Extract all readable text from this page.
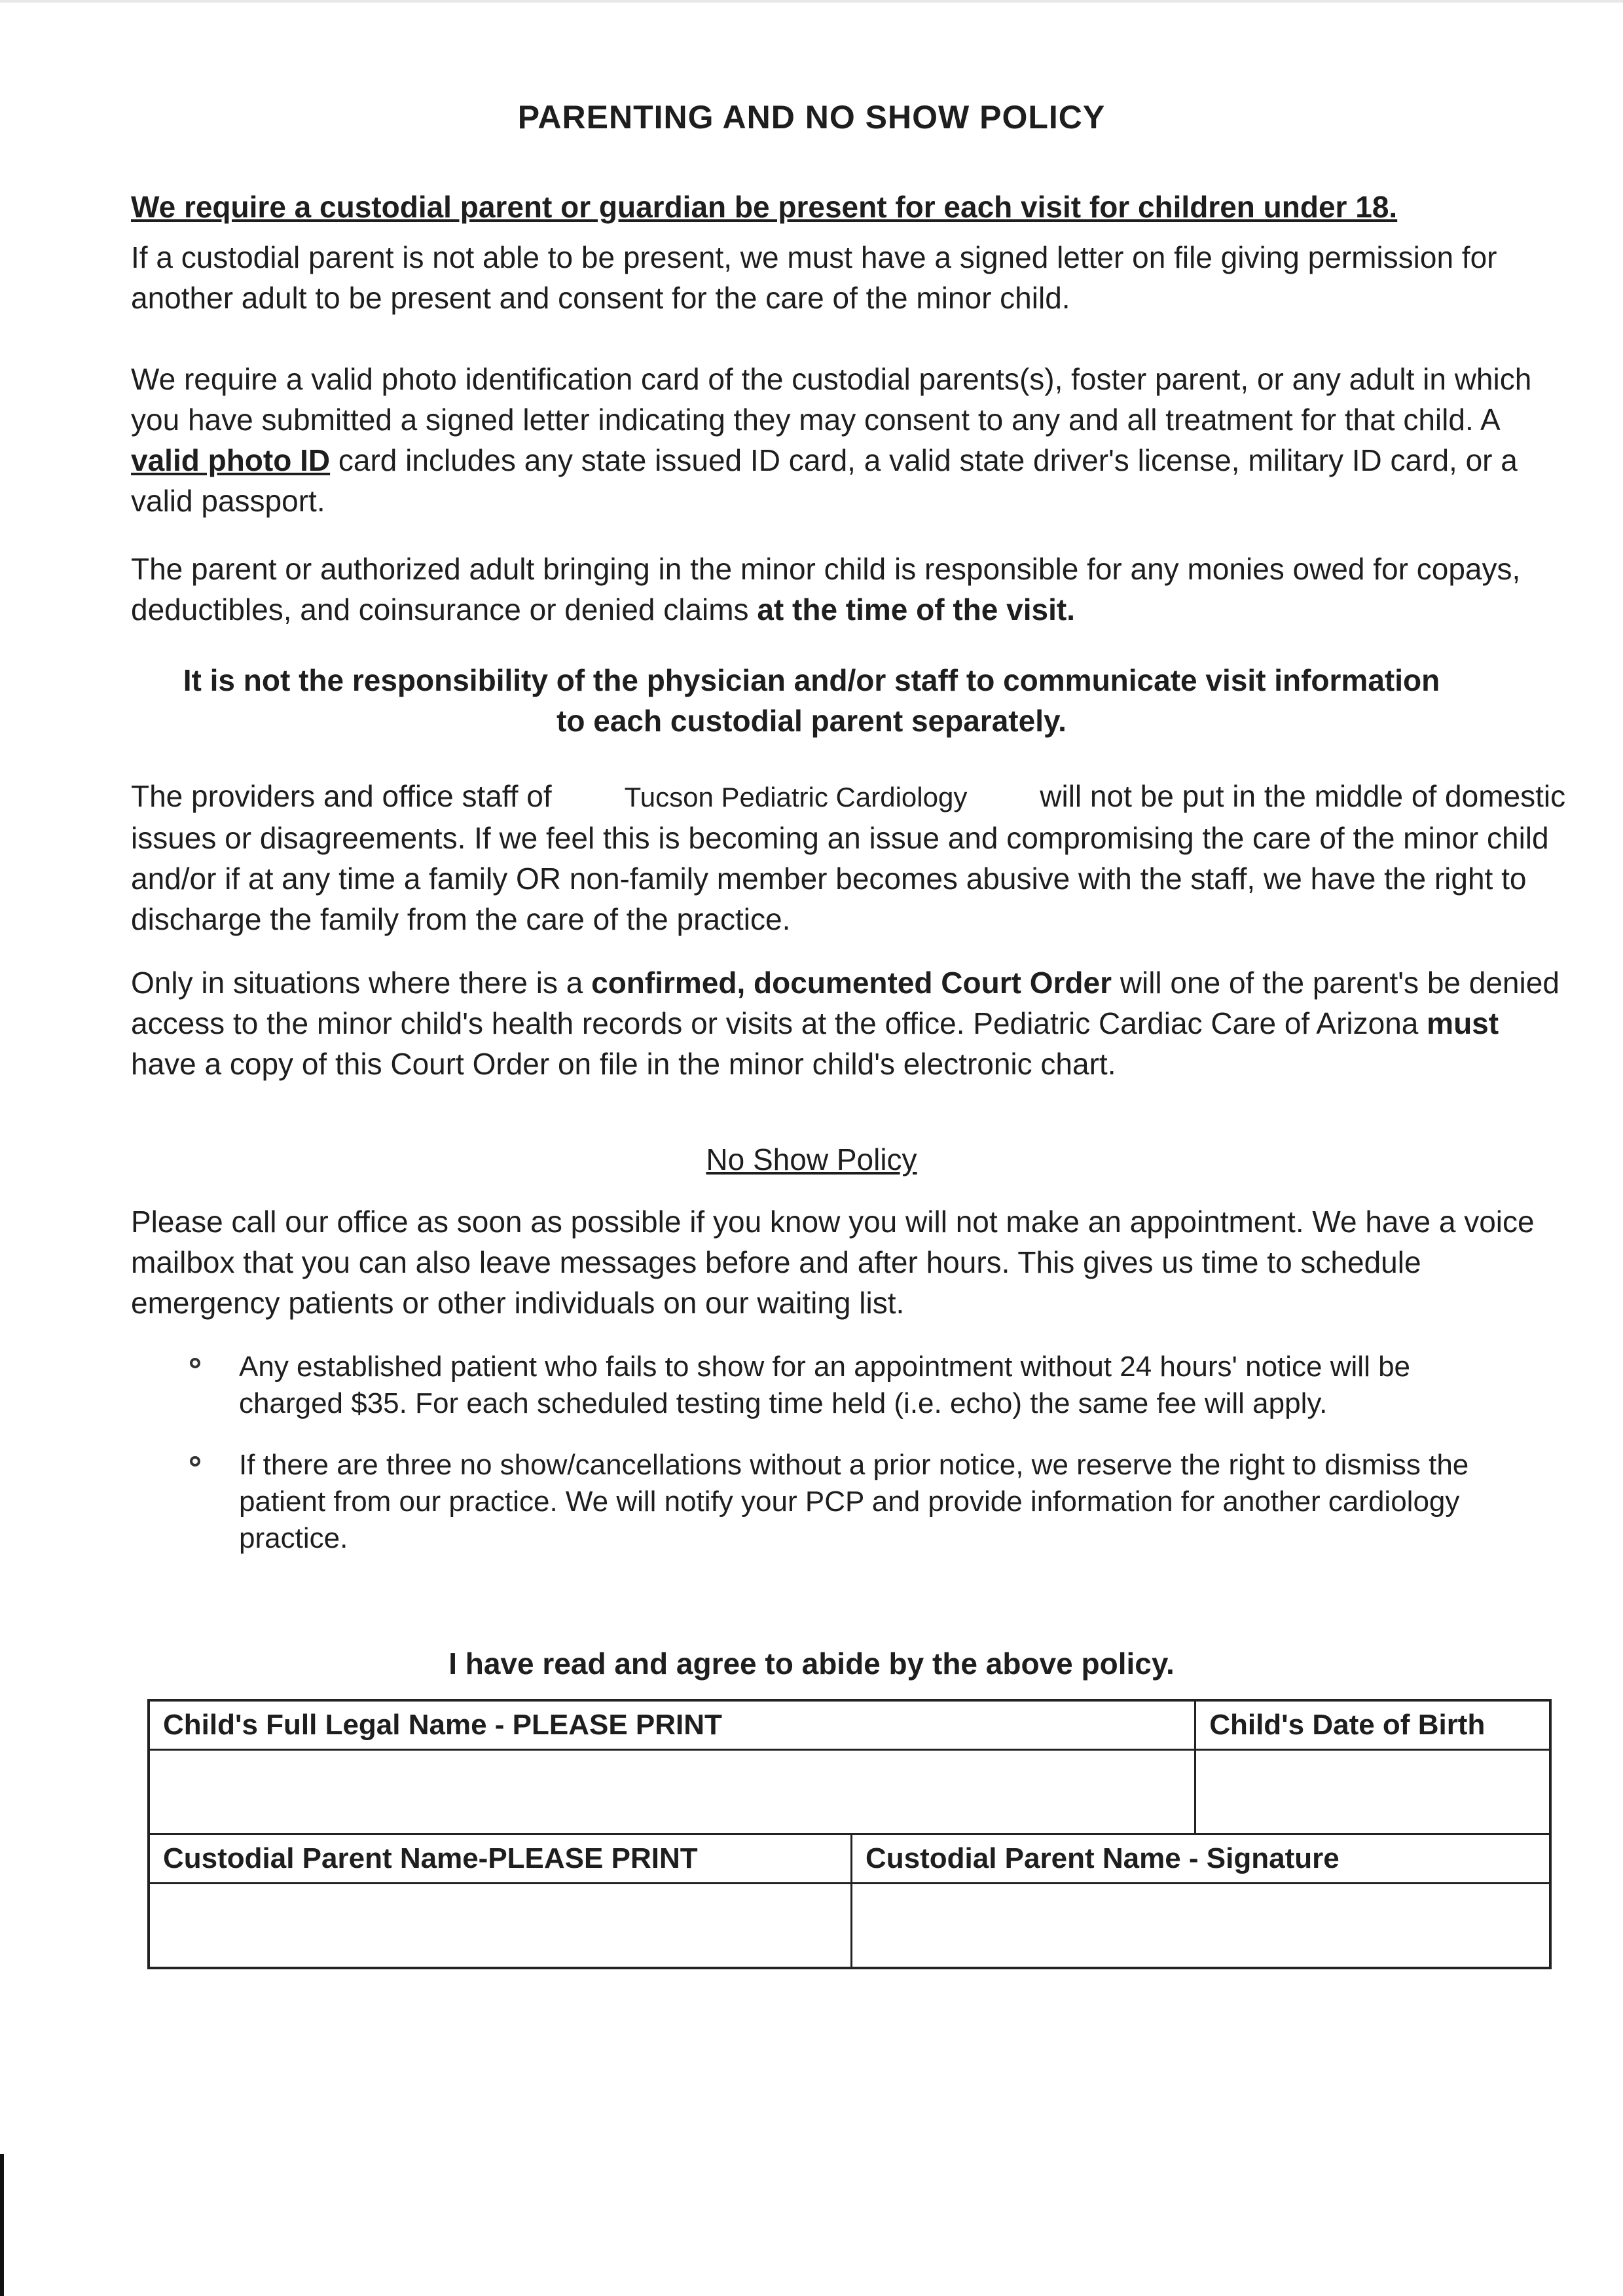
PARENTING AND NO SHOW POLICY

We require a custodial parent or guardian be present for each visit for children under 18.

If a custodial parent is not able to be present, we must have a signed letter on file giving permission for another adult to be present and consent for the care of the minor child.

We require a valid photo identification card of the custodial parents(s), foster parent, or any adult in which you have submitted a signed letter indicating they may consent to any and all treatment for that child. A valid photo ID card includes any state issued ID card, a valid state driver's license, military ID card, or a valid passport.

The parent or authorized adult bringing in the minor child is responsible for any monies owed for copays, deductibles, and coinsurance or denied claims at the time of the visit.

It is not the responsibility of the physician and/or staff to communicate visit information
to each custodial parent separately.

The providers and office staff of Tucson Pediatric Cardiology will not be put in the middle of domestic issues or disagreements. If we feel this is becoming an issue and compromising the care of the minor child and/or if at any time a family OR non-family member becomes abusive with the staff, we have the right to discharge the family from the care of the practice.

Only in situations where there is a confirmed, documented Court Order will one of the parent's be denied access to the minor child's health records or visits at the office. Pediatric Cardiac Care of Arizona must have a copy of this Court Order on file in the minor child's electronic chart.

No Show Policy

Please call our office as soon as possible if you know you will not make an appointment. We have a voice mailbox that you can also leave messages before and after hours. This gives us time to schedule emergency patients or other individuals on our waiting list.

Any established patient who fails to show for an appointment without 24 hours' notice will be charged $35. For each scheduled testing time held (i.e. echo) the same fee will apply.
If there are three no show/cancellations without a prior notice, we reserve the right to dismiss the patient from our practice. We will notify your PCP and provide information for another cardiology practice.
I have read and agree to abide by the above policy.
Child's Full Legal Name - PLEASE PRINT		Child's Date of Birth

Custodial Parent Name-PLEASE PRINT	Custodial Parent Name - Signature	
